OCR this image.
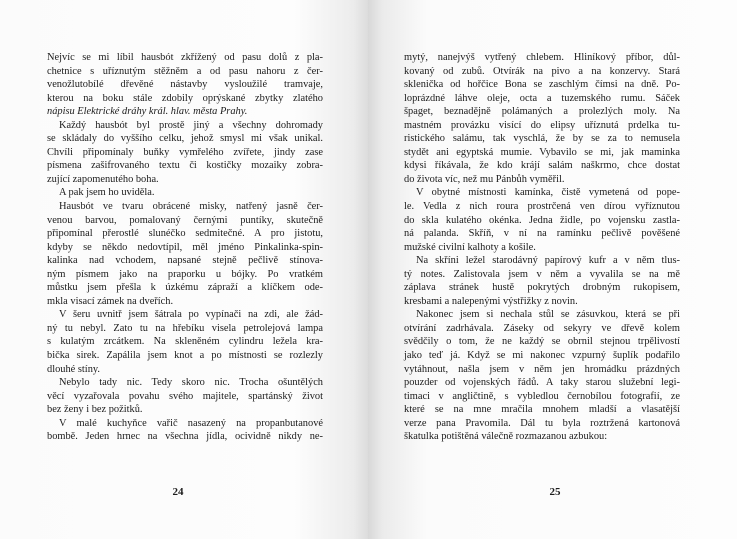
Nejvíc se mi líbil hausbót zkřížený od pasu dolů z pla-

chetnice s uříznutým stěžněm a od pasu nahoru z čer-

venožlutobílé dřevěné nástavby vysloužilé tramvaje,

kterou na boku stále zdobily oprýskané zbytky zlatého

nápisu Elektrické dráhy král. hlav. města Prahy.

Každý hausbót byl prostě jiný a všechny dohromady

se skládaly do vyššího celku, jehož smysl mi však unikal.

Chvíli připomínaly buňky vymřelého zvířete, jindy zase

písmena zašifrovaného textu či kostičky mozaiky zobra-

zující zapomenutého boha.

A pak jsem ho uviděla.

Hausbót ve tvaru obrácené misky, natřený jasně čer-

venou barvou, pomalovaný černými puntíky, skutečně

připomínal přerostlé slunéčko sedmitečné. A pro jistotu,

kdyby se někdo nedovtípil, měl jméno Pinkalinka-spin-

kalinka nad vchodem, napsané stejně pečlivě stínova-

ným písmem jako na praporku u bójky. Po vratkém

můstku jsem přešla k úzkému zápraží a klíčkem ode-

mkla visací zámek na dveřích.

V šeru uvnitř jsem šátrala po vypínači na zdi, ale žád-

ný tu nebyl. Zato tu na hřebíku visela petrolejová lampa

s kulatým zrcátkem. Na skleněném cylindru ležela kra-

bička sirek. Zapálila jsem knot a po místnosti se rozlezly

dlouhé stíny.

Nebylo tady nic. Tedy skoro nic. Trocha ošuntělých

věcí vyzařovala povahu svého majitele, spartánský život

bez ženy i bez požitků.

V malé kuchyňce vařič nasazený na propanbutanové

bombě. Jeden hrnec na všechna jídla, ocividně nikdy ne-

24	25

mytý, nanejvýš vytřený chlebem. Hliníkový příbor, důl-

kovaný od zubů. Otvírák na pivo a na konzervy. Stará

sklenička od hořčice Bona se zaschlým čímsi na dně. Po-

loprázdné láhve oleje, octa a tuzemského rumu. Sáček

špaget, beznadějně polámaných a prolezlých moly. Na

mastném provázku visící do elipsy uříznutá prdelka tu-

ristického salámu, tak vyschlá, že by se za to nemusela

stydět ani egyptská mumie. Vybavilo se mi, jak maminka

kdysi říkávala, že kdo krájí salám naškrmo, chce dostat

do života víc, než mu Pánbůh vyměřil.

V obytné místnosti kamínka, čistě vymetená od pope-

le. Vedla z nich roura prostrčená ven dírou vyříznutou

do skla kulatého okénka. Jedna židle, po vojensku zastla-

ná palanda. Skříň, v ní na ramínku pečlivě pověšené

mužské civilní kalhoty a košile.

Na skříni ležel starodávný papírový kufr a v něm tlus-

tý notes. Zalistovala jsem v něm a vyvalila se na mě

záplava stránek hustě pokrytých drobným rukopisem,

kresbami a nalepenými výstřižky z novin.

Nakonec jsem si nechala stůl se zásuvkou, která se při

otvírání zadrhávala. Záseky od sekyry ve dřevě kolem

svědčily o tom, že ne každý se obrnil stejnou trpělivostí

jako teď já. Když se mi nakonec vzpurný šuplík podařilo

vytáhnout, našla jsem v něm jen hromádku prázdných

pouzder od vojenských řádů. A taky starou služební legi-

timaci v angličtině, s vybledlou černobílou fotografií, ze

které se na mne mračila mnohem mladší a vlasatější

verze pana Pravomila. Dál tu byla roztržená kartonová

škatulka potištěná válečně rozmazanou azbukou:
